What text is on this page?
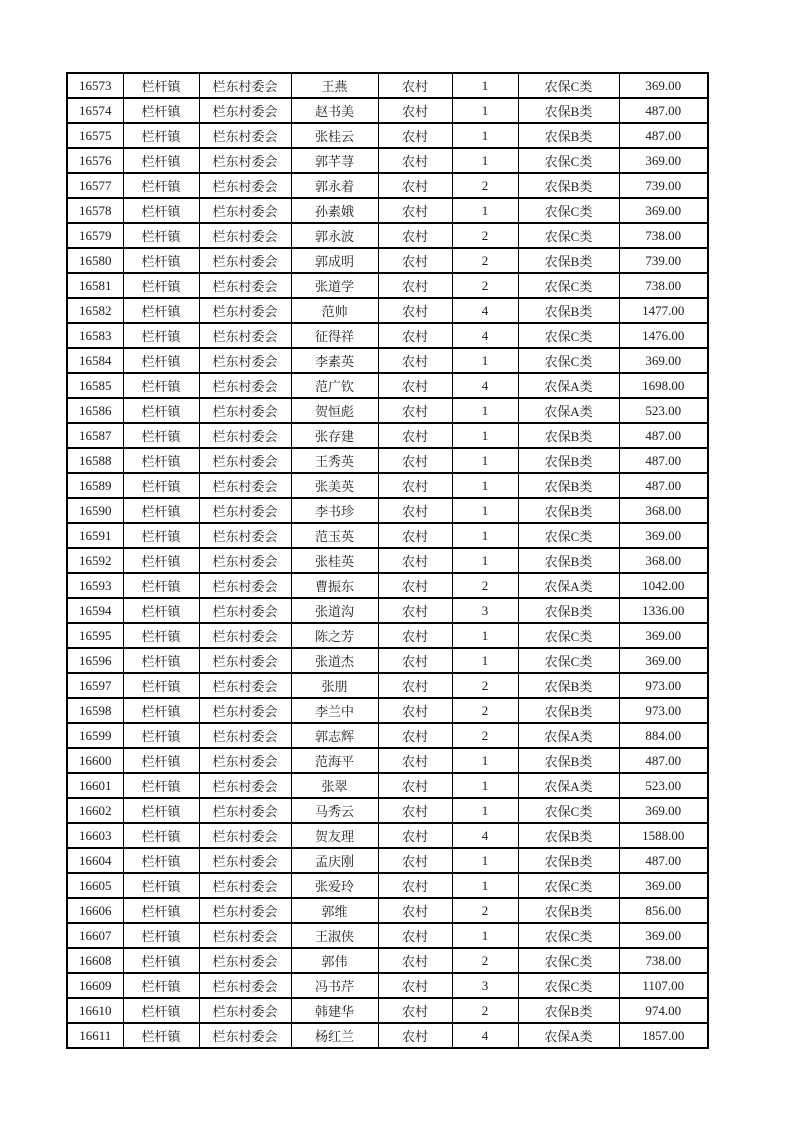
16573	栏杆镇	栏东村委会	王燕	农村	1	农保C类	369.00
16574	栏杆镇	栏东村委会	赵书美	农村	1	农保B类	487.00
16575	栏杆镇	栏东村委会	张桂云	农村	1	农保B类	487.00
16576	栏杆镇	栏东村委会	郭芊荨	农村	1	农保C类	369.00
16577	栏杆镇	栏东村委会	郭永着	农村	2	农保B类	739.00
16578	栏杆镇	栏东村委会	孙素娥	农村	1	农保C类	369.00
16579	栏杆镇	栏东村委会	郭永波	农村	2	农保C类	738.00
16580	栏杆镇	栏东村委会	郭成明	农村	2	农保B类	739.00
16581	栏杆镇	栏东村委会	张道学	农村	2	农保C类	738.00
16582	栏杆镇	栏东村委会	范帅	农村	4	农保B类	1477.00
16583	栏杆镇	栏东村委会	征得祥	农村	4	农保C类	1476.00
16584	栏杆镇	栏东村委会	李素英	农村	1	农保C类	369.00
16585	栏杆镇	栏东村委会	范广钦	农村	4	农保A类	1698.00
16586	栏杆镇	栏东村委会	贺恒彪	农村	1	农保A类	523.00
16587	栏杆镇	栏东村委会	张存建	农村	1	农保B类	487.00
16588	栏杆镇	栏东村委会	王秀英	农村	1	农保B类	487.00
16589	栏杆镇	栏东村委会	张美英	农村	1	农保B类	487.00
16590	栏杆镇	栏东村委会	李书珍	农村	1	农保B类	368.00
16591	栏杆镇	栏东村委会	范玉英	农村	1	农保C类	369.00
16592	栏杆镇	栏东村委会	张桂英	农村	1	农保B类	368.00
16593	栏杆镇	栏东村委会	曹振东	农村	2	农保A类	1042.00
16594	栏杆镇	栏东村委会	张道沟	农村	3	农保B类	1336.00
16595	栏杆镇	栏东村委会	陈之芳	农村	1	农保C类	369.00
16596	栏杆镇	栏东村委会	张道杰	农村	1	农保C类	369.00
16597	栏杆镇	栏东村委会	张朋	农村	2	农保B类	973.00
16598	栏杆镇	栏东村委会	李兰中	农村	2	农保B类	973.00
16599	栏杆镇	栏东村委会	郭志辉	农村	2	农保A类	884.00
16600	栏杆镇	栏东村委会	范海平	农村	1	农保B类	487.00
16601	栏杆镇	栏东村委会	张翠	农村	1	农保A类	523.00
16602	栏杆镇	栏东村委会	马秀云	农村	1	农保C类	369.00
16603	栏杆镇	栏东村委会	贺友理	农村	4	农保B类	1588.00
16604	栏杆镇	栏东村委会	孟庆刚	农村	1	农保B类	487.00
16605	栏杆镇	栏东村委会	张爱玲	农村	1	农保C类	369.00
16606	栏杆镇	栏东村委会	郭维	农村	2	农保B类	856.00
16607	栏杆镇	栏东村委会	王淑侠	农村	1	农保C类	369.00
16608	栏杆镇	栏东村委会	郭伟	农村	2	农保C类	738.00
16609	栏杆镇	栏东村委会	冯书芹	农村	3	农保C类	1107.00
16610	栏杆镇	栏东村委会	韩建华	农村	2	农保B类	974.00
16611	栏杆镇	栏东村委会	杨红兰	农村	4	农保A类	1857.00
